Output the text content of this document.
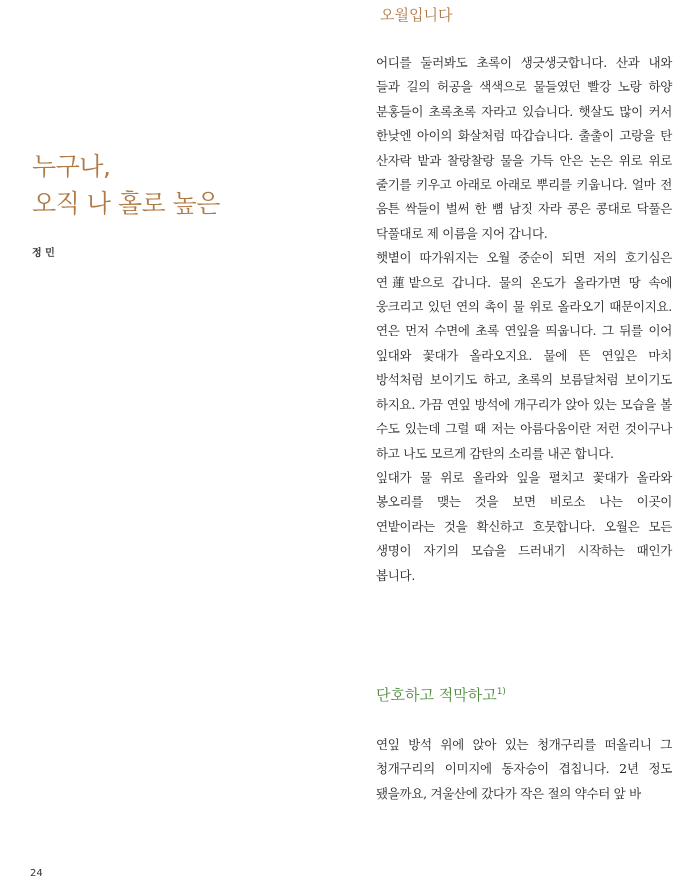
누구나,
오직 나 홀로 높은
정 민
오월입니다

어디를 둘러봐도 초록이 생긋생긋합니다. 산과 내와 들과 길의 허공을 색색으로 물들였던 빨강 노랑 하양 분홍들이 초록초록 자라고 있습니다. 햇살도 많이 커서 한낮엔 아이의 화살처럼 따갑습니다. 출출이 고랑을 탄 산자락 밭과 찰랑찰랑 물을 가득 안은 논은 위로 위로 줄기를 키우고 아래로 아래로 뿌리를 키웁니다. 얼마 전 움튼 싹들이 벌써 한 뼘 남짓 자라 콩은 콩대로 닥풀은 닥풀대로 제 이름을 지어 갑니다.

햇볕이 따가워지는 오월 중순이 되면 저의 호기심은 연蓮밭으로 갑니다. 물의 온도가 올라가면 땅 속에 웅크리고 있던 연의 촉이 물 위로 올라오기 때문이지요. 연은 먼저 수면에 초록 연잎을 띄웁니다. 그 뒤를 이어 잎대와 꽃대가 올라오지요. 물에 뜬 연잎은 마치 방석처럼 보이기도 하고, 초록의 보름달처럼 보이기도 하지요. 가끔 연잎 방석에 개구리가 앉아 있는 모습을 볼 수도 있는데 그럴 때 저는 아름다움이란 저런 것이구나 하고 나도 모르게 감탄의 소리를 내곤 합니다.

잎대가 물 위로 올라와 잎을 펼치고 꽃대가 올라와 봉오리를 맺는 것을 보면 비로소 나는 이곳이 연밭이라는 것을 확신하고 흐뭇합니다. 오월은 모든 생명이 자기의 모습을 드러내기 시작하는 때인가 봅니다.

단호하고 적막하고$^{1)}$

연잎 방석 위에 앉아 있는 청개구리를 떠올리니 그 청개구리의 이미지에 동자승이 겹칩니다. 2년 정도 됐을까요, 겨울산에 갔다가 작은 절의 약수터 앞 바

24
